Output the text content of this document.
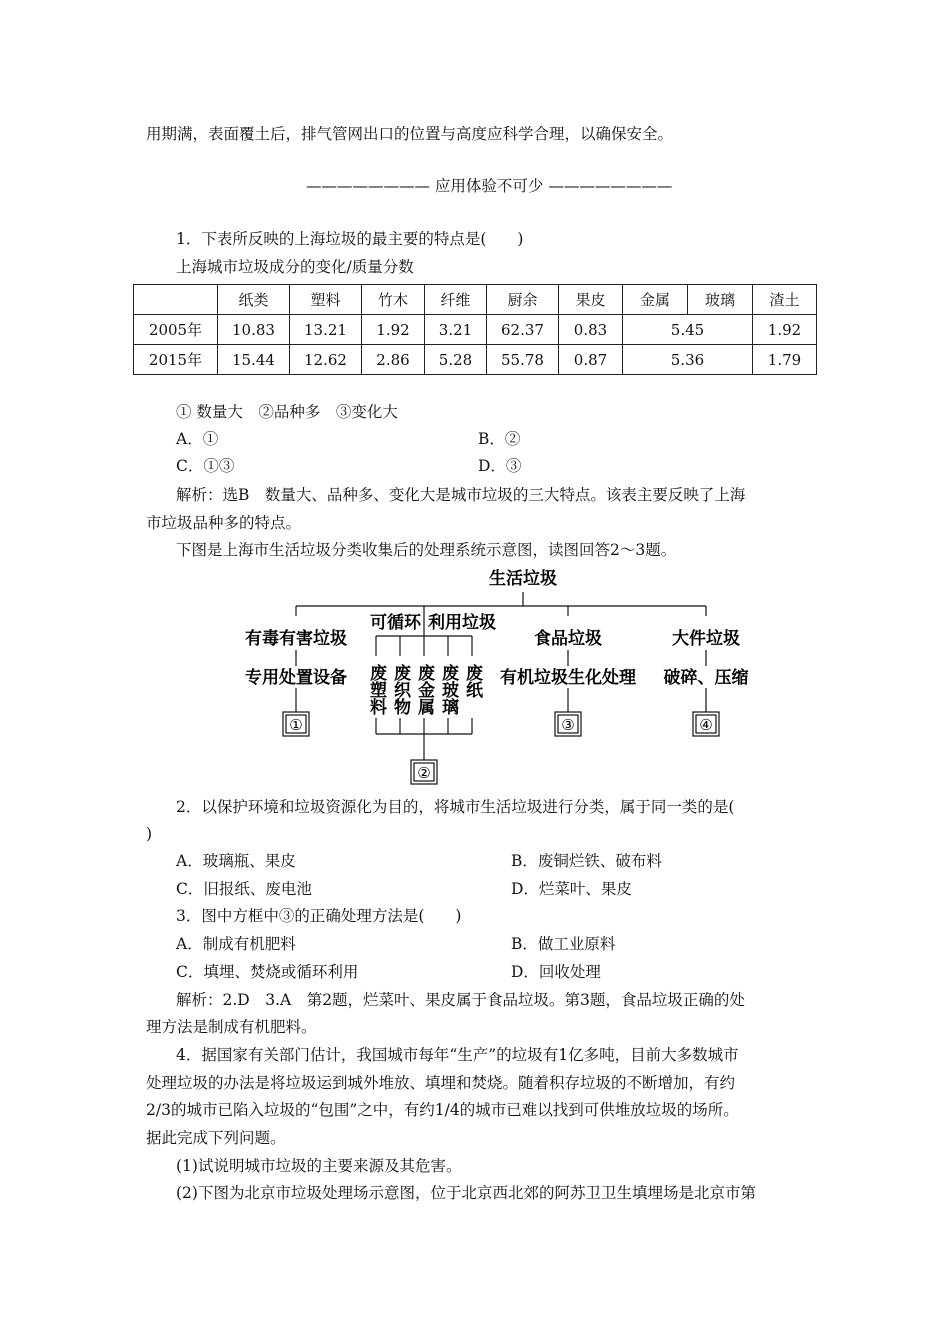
用期满，表面覆土后，排气管网出口的位置与高度应科学合理，以确保安全。
———————— 应用体验不可少 ————————
1．下表所反映的上海垃圾的最主要的特点是(　　)
上海城市垃圾成分的变化/质量分数
	纸类	塑料	竹木	纤维	厨余	果皮	金属	玻璃	渣土
2005年	10.83	13.21	1.92	3.21	62.37	0.83	5.45		1.92
2015年	15.44	12.62	2.86	5.28	55.78	0.87	5.36		1.79
① 数量大　②品种多　③变化大
A．①	B．②
C．①③	D．③
解析：选B　数量大、品种多、变化大是城市垃圾的三大特点。该表主要反映了上海
市垃圾品种多的特点。
下图是上海市生活垃圾分类收集后的处理系统示意图，读图回答2～3题。
生活垃圾
有毒有害垃圾
可循环 利用垃圾
食品垃圾	大件垃圾
专用处置设备	有机垃圾生化处理 破碎、压缩
废塑料 废织物 废金属 废玻璃 废纸
①
②
③	④
2．以保护环境和垃圾资源化为目的，将城市生活垃圾进行分类，属于同一类的是(
)
A．玻璃瓶、果皮	B．废铜烂铁、破布料
C．旧报纸、废电池	D．烂菜叶、果皮
3．图中方框中③的正确处理方法是(　　)
A．制成有机肥料	B．做工业原料
C．填埋、焚烧或循环利用	D．回收处理
解析：2.D　3.A　第2题，烂菜叶、果皮属于食品垃圾。第3题，食品垃圾正确的处
理方法是制成有机肥料。
4．据国家有关部门估计，我国城市每年“生产”的垃圾有1亿多吨，目前大多数城市
处理垃圾的办法是将垃圾运到城外堆放、填埋和焚烧。随着积存垃圾的不断增加，有约
2/3的城市已陷入垃圾的“包围”之中，有约1/4的城市已难以找到可供堆放垃圾的场所。
据此完成下列问题。
(1)试说明城市垃圾的主要来源及其危害。
(2)下图为北京市垃圾处理场示意图，位于北京西北郊的阿苏卫卫生填埋场是北京市第
